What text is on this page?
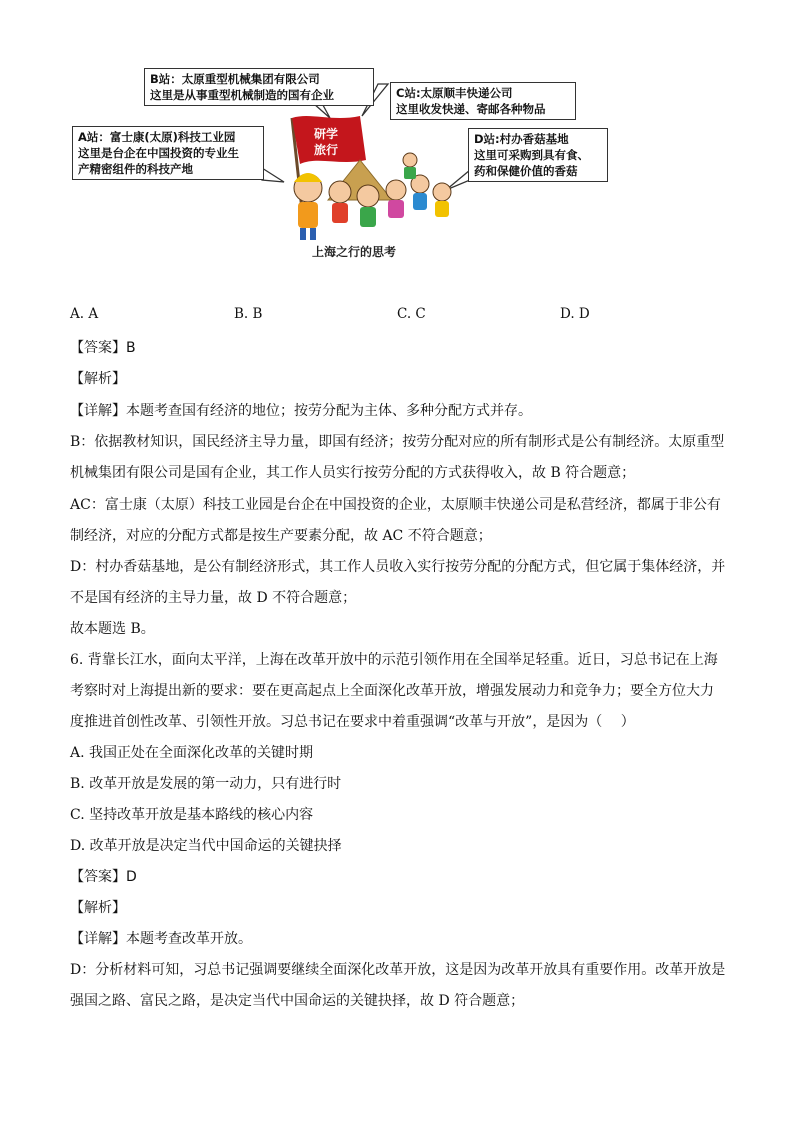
研学
旅行
B站：太原重型机械集团有限公司
这里是从事重型机械制造的国有企业	C站:太原顺丰快递公司
这里收发快递、寄邮各种物品
A站：富士康(太原)科技工业园
这里是台企在中国投资的专业生
产精密组件的科技产地
D站:村办香菇基地
这里可采购到具有食、
药和保健价值的香菇
上海之行的思考
A. A	B. B	C. C	D. D
【答案】B
【解析】
【详解】本题考查国有经济的地位；按劳分配为主体、多种分配方式并存。
B：依据教材知识，国民经济主导力量，即国有经济；按劳分配对应的所有制形式是公有制经济。太原重型
机械集团有限公司是国有企业，其工作人员实行按劳分配的方式获得收入，故 B 符合题意；
AC：富士康（太原）科技工业园是台企在中国投资的企业，太原顺丰快递公司是私营经济，都属于非公有
制经济，对应的分配方式都是按生产要素分配，故 AC 不符合题意；
D：村办香菇基地，是公有制经济形式，其工作人员收入实行按劳分配的分配方式，但它属于集体经济，并
不是国有经济的主导力量，故 D 不符合题意；
故本题选 B。
6. 背靠长江水，面向太平洋，上海在改革开放中的示范引领作用在全国举足轻重。近日，习总书记在上海
考察时对上海提出新的要求：要在更高起点上全面深化改革开放，增强发展动力和竞争力；要全方位大力
度推进首创性改革、引领性开放。习总书记在要求中着重强调“改革与开放”，是因为（　 ）
A. 我国正处在全面深化改革的关键时期
B. 改革开放是发展的第一动力，只有进行时
C. 坚持改革开放是基本路线的核心内容
D. 改革开放是决定当代中国命运的关键抉择
【答案】D
【解析】
【详解】本题考查改革开放。
D：分析材料可知，习总书记强调要继续全面深化改革开放，这是因为改革开放具有重要作用。改革开放是
强国之路、富民之路，是决定当代中国命运的关键抉择，故 D 符合题意；
